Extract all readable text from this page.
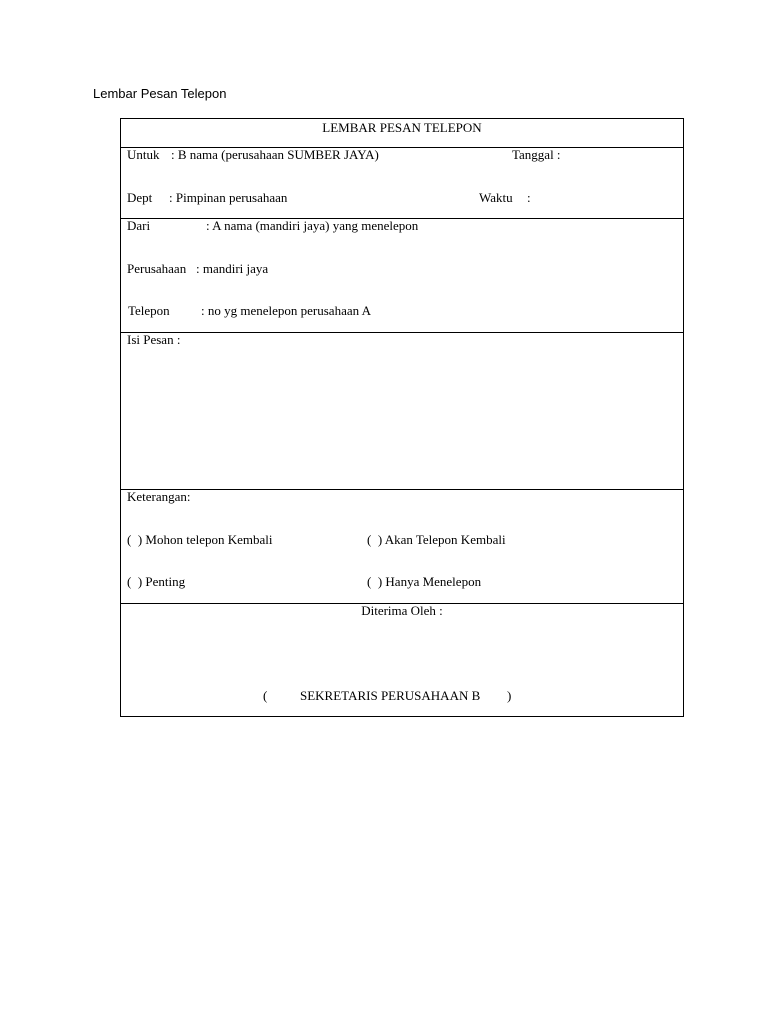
Lembar Pesan Telepon
LEMBAR PESAN TELEPON
Untuk : B nama (perusahaan SUMBER JAYA)	Tanggal :
Dept : Pimpinan perusahaan	Waktu :
Dari	: A nama (mandiri jaya) yang menelepon
Perusahaan : mandiri jaya
Telepon : no yg menelepon perusahaan A
Isi Pesan :
Keterangan:
(  ) Mohon telepon Kembali	(  ) Akan Telepon Kembali
(  ) Penting	(  ) Hanya Menelepon
Diterima Oleh :
(	SEKRETARIS PERUSAHAAN B )
